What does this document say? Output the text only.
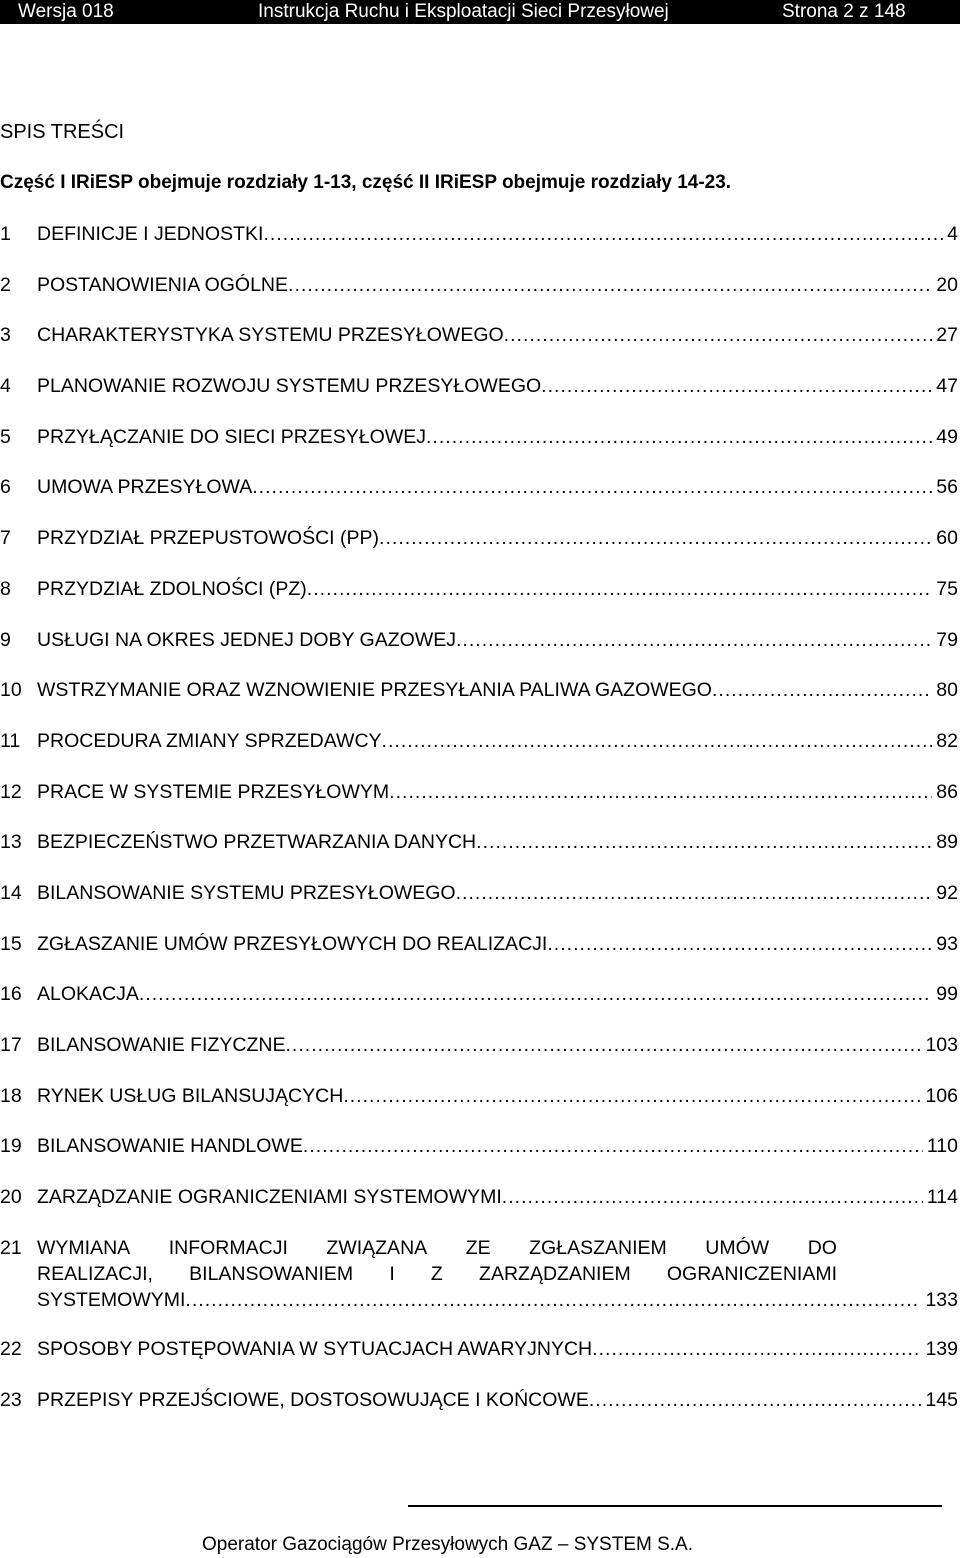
Wersja 018	Instrukcja Ruchu i Eksploatacji Sieci Przesyłowej	Strona 2 z 148
SPIS TREŚCI
Część I IRiESP obejmuje rozdziały 1-13, część II IRiESP obejmuje rozdziały 14-23.
1	DEFINICJE I JEDNOSTKI . . .	4
2	POSTANOWIENIA OGÓLNE . . .	20
3	CHARAKTERYSTYKA SYSTEMU PRZESYŁOWEGO . . .	27
4	PLANOWANIE ROZWOJU SYSTEMU PRZESYŁOWEGO . . .	47
5	PRZYŁĄCZANIE DO SIECI PRZESYŁOWEJ . . .	49
6	UMOWA PRZESYŁOWA . . .	56
7	PRZYDZIAŁ PRZEPUSTOWOŚCI (PP) . . .	60
8	PRZYDZIAŁ ZDOLNOŚCI (PZ) . . .	75
9	USŁUGI NA OKRES JEDNEJ DOBY GAZOWEJ . . .	79
10 WSTRZYMANIE ORAZ WZNOWIENIE PRZESYŁANIA PALIWA GAZOWEGO . . .	80
11 PROCEDURA ZMIANY SPRZEDAWCY . . .	82
12 PRACE W SYSTEMIE PRZESYŁOWYM . . .	86
13 BEZPIECZEŃSTWO PRZETWARZANIA DANYCH . . .	89
14 BILANSOWANIE SYSTEMU PRZESYŁOWEGO . . .	92
15 ZGŁASZANIE UMÓW PRZESYŁOWYCH DO REALIZACJI . . .	93
16 ALOKACJA . . .	99
17 BILANSOWANIE FIZYCZNE . . .	103
18 RYNEK USŁUG BILANSUJĄCYCH . . .	106
19 BILANSOWANIE HANDLOWE . . .	110
20 ZARZĄDZANIE OGRANICZENIAMI SYSTEMOWYMI . . .	114
21 WYMIANA INFORMACJI ZWIĄZANA ZE ZGŁASZANIEM UMÓW DO
REALIZACJI, BILANSOWANIEM I Z ZARZĄDZANIEM OGRANICZENIAMI
SYSTEMOWYMI . . .	133
22 SPOSOBY POSTĘPOWANIA W SYTUACJACH AWARYJNYCH . . .	139
23 PRZEPISY PRZEJŚCIOWE, DOSTOSOWUJĄCE I KOŃCOWE . . .	145
Operator Gazociągów Przesyłowych GAZ – SYSTEM S.A.
